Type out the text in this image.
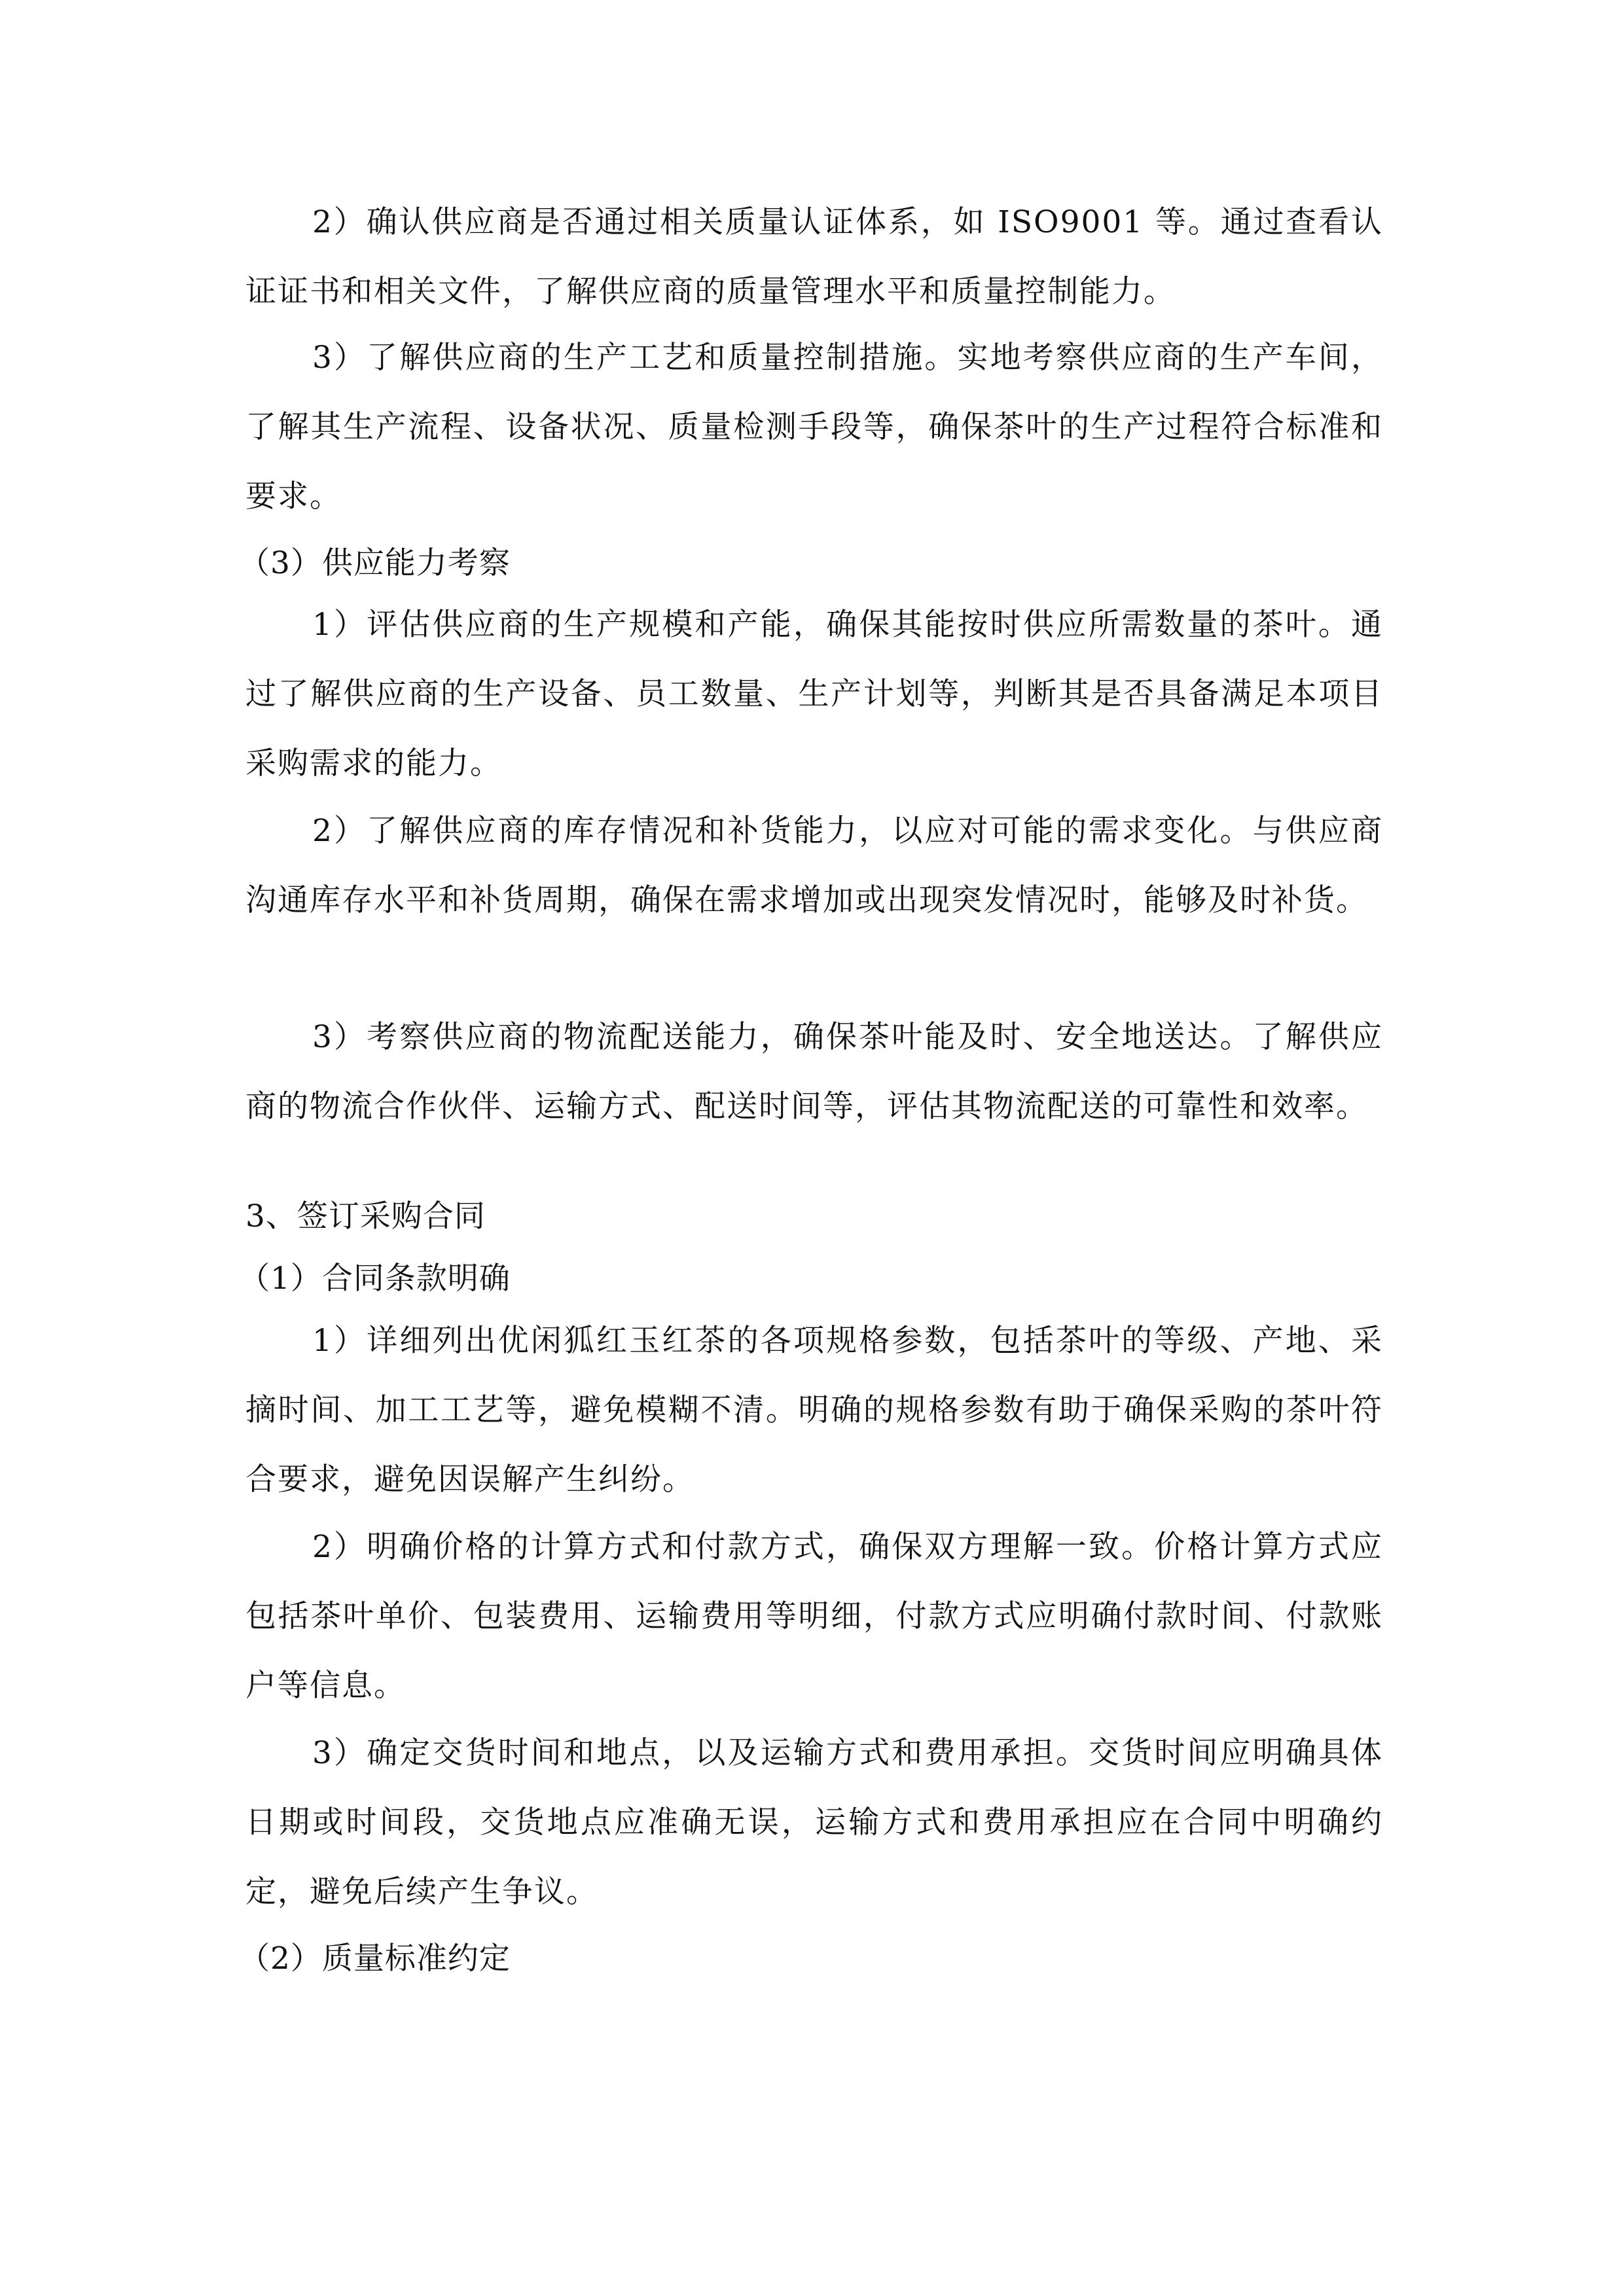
2）确认供应商是否通过相关质量认证体系，如 ISO9001 等。通过查看认证证书和相关文件，了解供应商的质量管理水平和质量控制能力。

3）了解供应商的生产工艺和质量控制措施。实地考察供应商的生产车间，了解其生产流程、设备状况、质量检测手段等，确保茶叶的生产过程符合标准和要求。

（3）供应能力考察

1）评估供应商的生产规模和产能，确保其能按时供应所需数量的茶叶。通过了解供应商的生产设备、员工数量、生产计划等，判断其是否具备满足本项目采购需求的能力。

2）了解供应商的库存情况和补货能力，以应对可能的需求变化。与供应商沟通库存水平和补货周期，确保在需求增加或出现突发情况时，能够及时补货。

3）考察供应商的物流配送能力，确保茶叶能及时、安全地送达。了解供应商的物流合作伙伴、运输方式、配送时间等，评估其物流配送的可靠性和效率。

3、签订采购合同

（1）合同条款明确

1）详细列出优闲狐红玉红茶的各项规格参数，包括茶叶的等级、产地、采摘时间、加工工艺等，避免模糊不清。明确的规格参数有助于确保采购的茶叶符合要求，避免因误解产生纠纷。

2）明确价格的计算方式和付款方式，确保双方理解一致。价格计算方式应包括茶叶单价、包装费用、运输费用等明细，付款方式应明确付款时间、付款账户等信息。

3）确定交货时间和地点，以及运输方式和费用承担。交货时间应明确具体日期或时间段，交货地点应准确无误，运输方式和费用承担应在合同中明确约定，避免后续产生争议。

（2）质量标准约定
